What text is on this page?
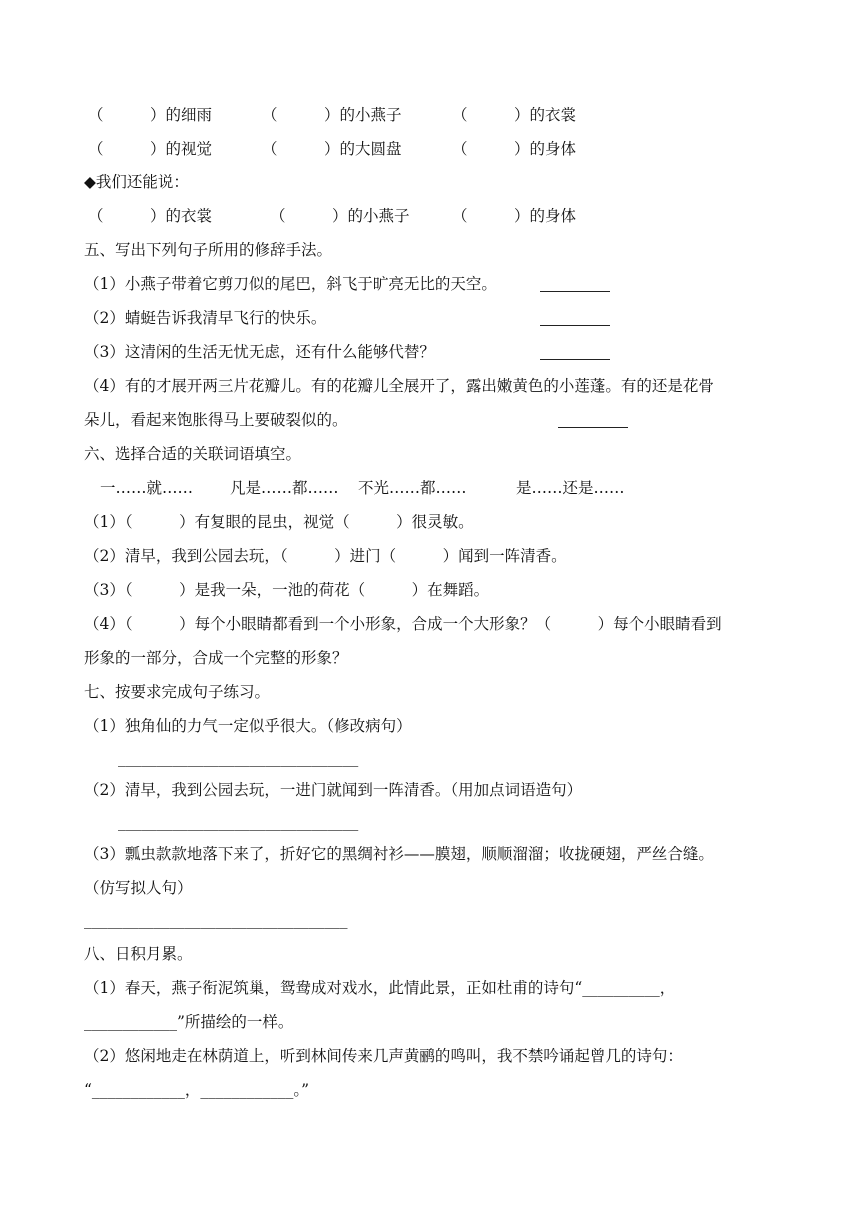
（　　　）的细雨	（　　　）的小燕子	（　　　）的衣裳
（　　　）的视觉	（　　　）的大圆盘	（　　　）的身体
◆我们还能说：
（　　　）的衣裳	（　　　）的小燕子	（　　　）的身体
五、写出下列句子所用的修辞手法。
（1）小燕子带着它剪刀似的尾巴，斜飞于旷亮无比的天空。
（2）蜻蜓告诉我清早飞行的快乐。
（3）这清闲的生活无忧无虑，还有什么能够代替？
（4）有的才展开两三片花瓣儿。有的花瓣儿全展开了，露出嫩黄色的小莲蓬。有的还是花骨
朵儿，看起来饱胀得马上要破裂似的。
六、选择合适的关联词语填空。
一……就…… 凡是……都…… 不光……都……	是……还是……
（1）（　　　）有复眼的昆虫，视觉（　　　）很灵敏。
（2）清早，我到公园去玩，（　　　）进门（　　　）闻到一阵清香。
（3）（　　　）是我一朵，一池的荷花（　　　）在舞蹈。
（4）（　　　）每个小眼睛都看到一个小形象，合成一个大形象？（　　　）每个小眼睛看到
形象的一部分，合成一个完整的形象？
七、按要求完成句子练习。
（1）独角仙的力气一定似乎很大。（修改病句）
_______________________________
（2）清早，我到公园去玩，一进门就闻到一阵清香。（用加点词语造句）
_______________________________
（3）瓢虫款款地落下来了，折好它的黑绸衬衫——膜翅，顺顺溜溜；收拢硬翅，严丝合缝。
（仿写拟人句）
__________________________________
八、日积月累。
（1）春天，燕子衔泥筑巢，鸳鸯成对戏水，此情此景，正如杜甫的诗句“__________，
____________”所描绘的一样。
（2）悠闲地走在林荫道上，听到林间传来几声黄鹂的鸣叫，我不禁吟诵起曾几的诗句：
“____________，____________。”
